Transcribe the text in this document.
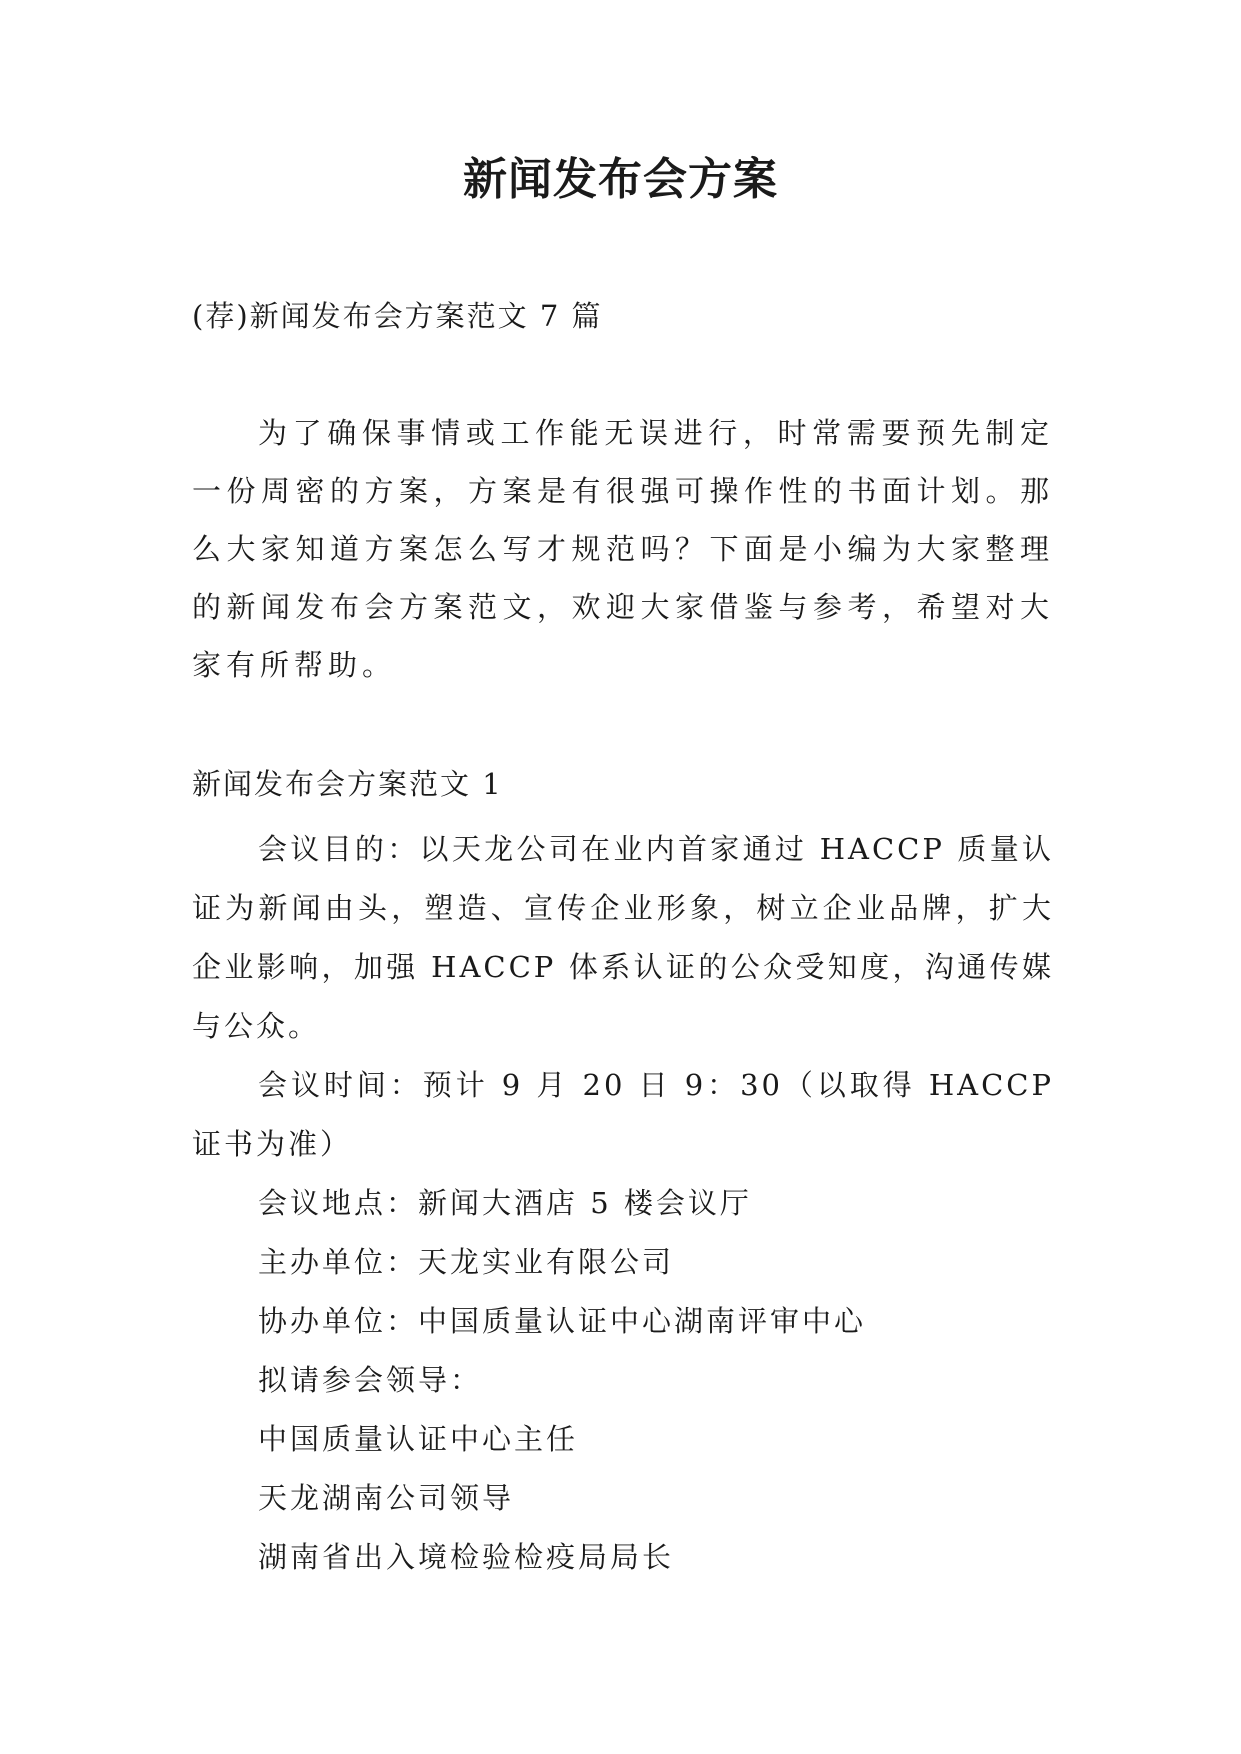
新闻发布会方案
(荐)新闻发布会方案范文 7 篇

为了确保事情或工作能无误进行，时常需要预先制定一份周密的方案，方案是有很强可操作性的书面计划。那么大家知道方案怎么写才规范吗？下面是小编为大家整理的新闻发布会方案范文，欢迎大家借鉴与参考，希望对大家有所帮助。

新闻发布会方案范文 1

会议目的：以天龙公司在业内首家通过 HACCP 质量认证为新闻由头，塑造、宣传企业形象，树立企业品牌，扩大企业影响，加强 HACCP 体系认证的公众受知度，沟通传媒与公众。

会议时间：预计 9 月 20 日 9：30（以取得 HACCP 证书为准）

会议地点：新闻大酒店 5 楼会议厅

主办单位：天龙实业有限公司

协办单位：中国质量认证中心湖南评审中心

拟请参会领导：

中国质量认证中心主任

天龙湖南公司领导

湖南省出入境检验检疫局局长
